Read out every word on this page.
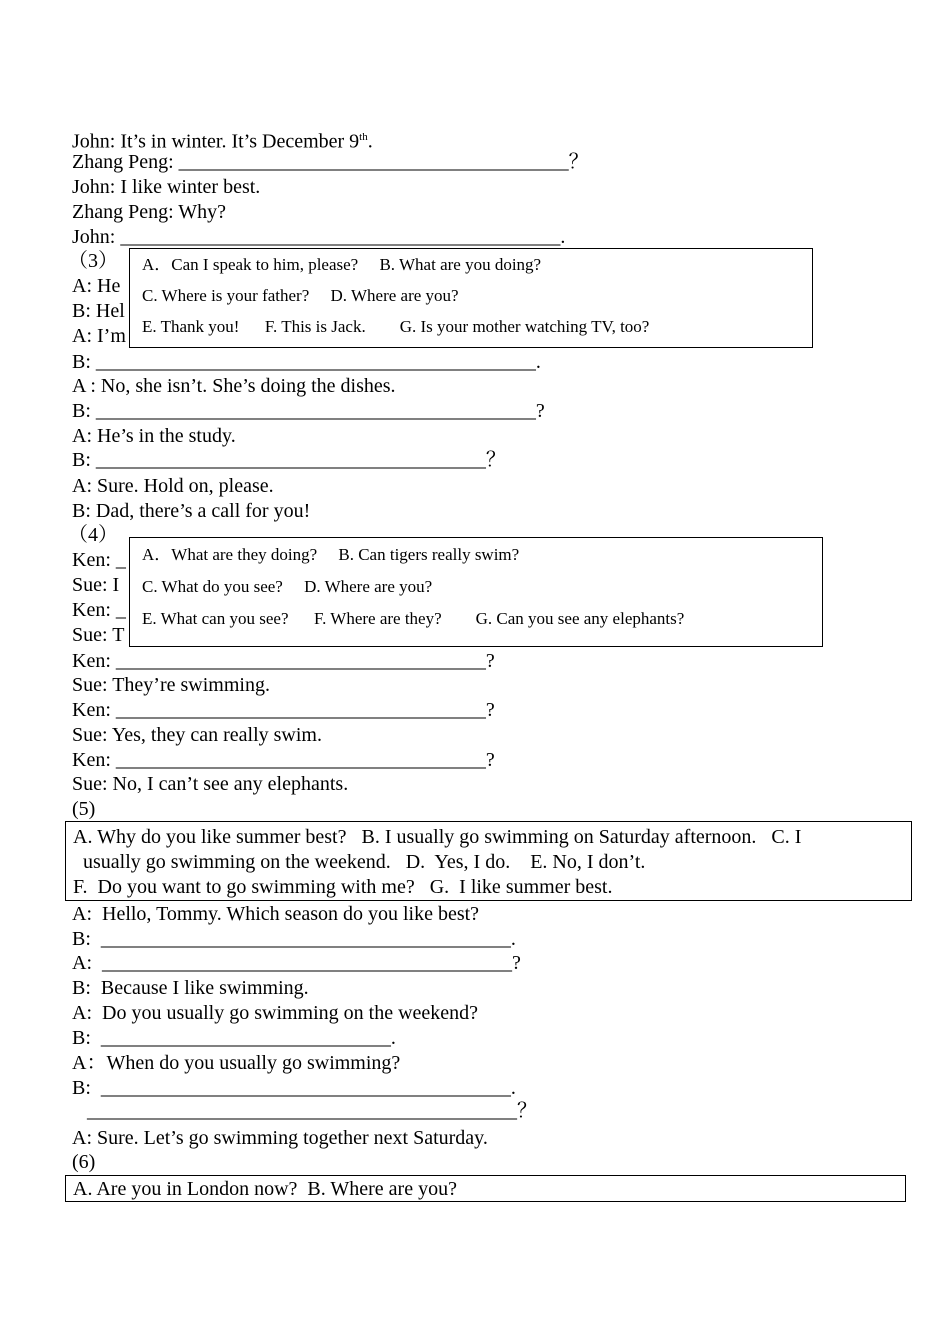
John: It’s in winter. It’s December 9th.
Zhang Peng: _______________________________________？
John: I like winter best.
Zhang Peng: Why?
John: ____________________________________________.
（3）
A: He
B: Hel
A: I’m
B: ____________________________________________.
A : No, she isn’t. She’s doing the dishes.
B: ____________________________________________?
A: He’s in the study.
B: _______________________________________？
A: Sure. Hold on, please.
B: Dad, there’s a call for you!
A．Can I speak to him, please?     B. What are you doing?
C. Where is your father?     D. Where are you?
E. Thank you!      F. This is Jack.        G. Is your mother watching TV, too?
（4）
Ken: _
Sue: I
Ken: _
Sue: T
Ken: _____________________________________?
Sue: They’re swimming.
Ken: _____________________________________?
Sue: Yes, they can really swim.
Ken: _____________________________________?
Sue: No, I can’t see any elephants.
A．What are they doing?     B. Can tigers really swim?
C. What do you see?     D. Where are you?
E. What can you see?      F. Where are they?        G. Can you see any elephants?
(5)
A. Why do you like summer best?   B. I usually go swimming on Saturday afternoon.   C. I
usually go swimming on the weekend.   D.  Yes, I do.    E. No, I don’t.
F.  Do you want to go swimming with me?   G.  I like summer best.
A:  Hello, Tommy. Which season do you like best?
B:  _________________________________________.
A:  _________________________________________?
B:  Because I like swimming.
A:  Do you usually go swimming on the weekend?
B:  _____________________________.
A：When do you usually go swimming?
B:  _________________________________________.
___________________________________________？
A: Sure. Let’s go swimming together next Saturday.
(6)
A. Are you in London now?  B. Where are you?
